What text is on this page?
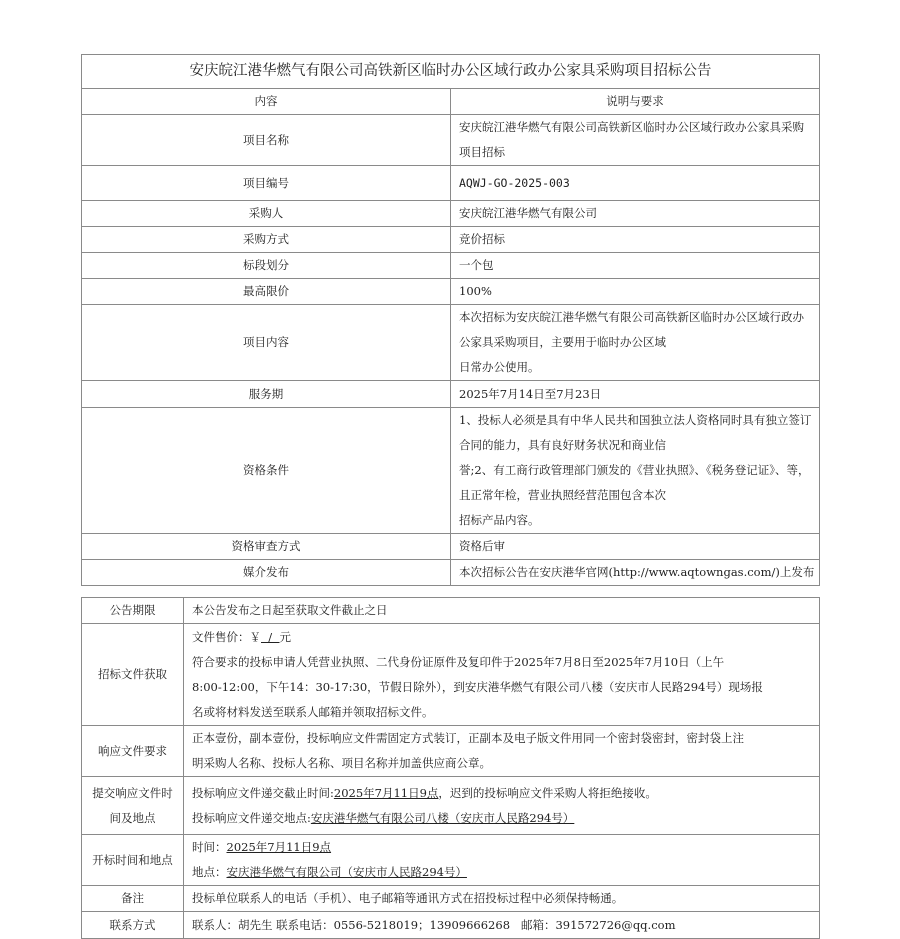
安庆皖江港华燃气有限公司高铁新区临时办公区域行政办公家具采购项目招标公告	
内容	说明与要求
项目名称	安庆皖江港华燃气有限公司高铁新区临时办公区域行政办公家具采购项目招标

项目编号	AQWJ-GO-2025-003

采购人	安庆皖江港华燃气有限公司

采购方式	竞价招标

标段划分	一个包

最高限价	100%

项目内容	本次招标为安庆皖江港华燃气有限公司高铁新区临时办公区域行政办公家具采购项目，主要用于临时办公区域
日常办公使用。

服务期	2025年7月14日至7月23日

资格条件	1、投标人必须是具有中华人民共和国独立法人资格同时具有独立签订合同的能力，具有良好财务状况和商业信
誉;2、有工商行政管理部门颁发的《营业执照》、《税务登记证》、等，且正常年检，营业执照经营范围包含本次
招标产品内容。

资格审查方式	资格后审

媒介发布	本次招标公告在安庆港华官网(http://www.aqtowngas.com/)上发布
公告期限	本公告发布之日起至获取文件截止之日
招标文件获取	文件售价：￥  /  元
符合要求的投标申请人凭营业执照、二代身份证原件及复印件于2025年7月8日至2025年7月10日（上午
8:00-12:00，下午14：30-17:30，节假日除外），到安庆港华燃气有限公司八楼（安庆市人民路294号）现场报
名或将材料发送至联系人邮箱并领取招标文件。

响应文件要求	正本壹份，副本壹份，投标响应文件需固定方式装订，正副本及电子版文件用同一个密封袋密封，密封袋上注
明采购人名称、投标人名称、项目名称并加盖供应商公章。

提交响应文件时
间及地点	投标响应文件递交截止时间:2025年7月11日9点，迟到的投标响应文件采购人将拒绝接收。
投标响应文件递交地点:安庆港华燃气有限公司八楼（安庆市人民路294号）

开标时间和地点	时间：2025年7月11日9点
地点：安庆港华燃气有限公司（安庆市人民路294号）

备注	投标单位联系人的电话（手机）、电子邮箱等通讯方式在招投标过程中必须保持畅通。
联系方式	联系人：胡先生 联系电话：0556-5218019；13909666268   邮箱：391572726@qq.com
